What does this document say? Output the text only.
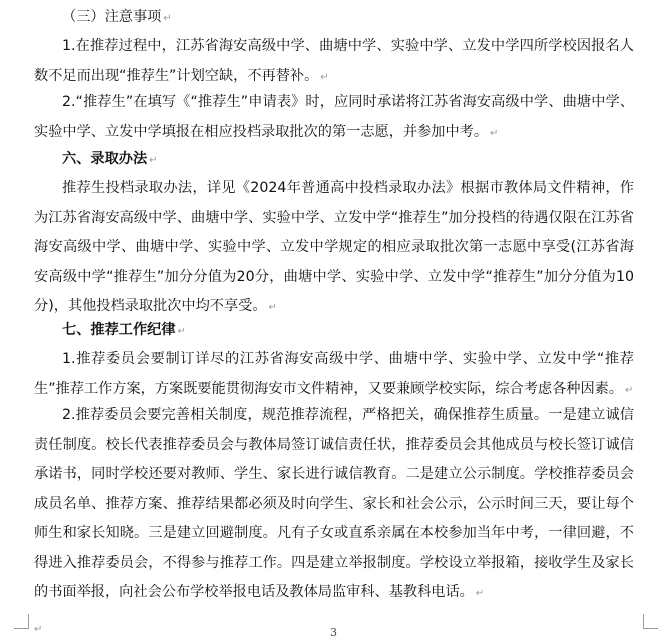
（三）注意事项 ↵

1.在推荐过程中，江苏省海安高级中学、曲塘中学、实验中学、立发中学四所学校因报名人数不足而出现“推荐生”计划空缺，不再替补。 ↵

2.“推荐生”在填写《“推荐生”申请表》时，应同时承诺将江苏省海安高级中学、曲塘中学、实验中学、立发中学填报在相应投档录取批次的第一志愿，并参加中考。 ↵

六、录取办法 ↵

推荐生投档录取办法，详见《2024年普通高中投档录取办法》根据市教体局文件精神，作为江苏省海安高级中学、曲塘中学、实验中学、立发中学“推荐生”加分投档的待遇仅限在江苏省海安高级中学、曲塘中学、实验中学、立发中学规定的相应录取批次第一志愿中享受(江苏省海安高级中学“推荐生”加分分值为20分，曲塘中学、实验中学、立发中学“推荐生”加分分值为10分)，其他投档录取批次中均不享受。 ↵

七、推荐工作纪律 ↵

1.推荐委员会要制订详尽的江苏省海安高级中学、曲塘中学、实验中学、立发中学“推荐生”推荐工作方案，方案既要能贯彻海安市文件精神，又要兼顾学校实际，综合考虑各种因素。 ↵

2.推荐委员会要完善相关制度，规范推荐流程，严格把关，确保推荐生质量。一是建立诚信责任制度。校长代表推荐委员会与教体局签订诚信责任状，推荐委员会其他成员与校长签订诚信承诺书，同时学校还要对教师、学生、家长进行诚信教育。二是建立公示制度。学校推荐委员会成员名单、推荐方案、推荐结果都必须及时向学生、家长和社会公示，公示时间三天，要让每个师生和家长知晓。三是建立回避制度。凡有子女或直系亲属在本校参加当年中考，一律回避，不得进入推荐委员会，不得参与推荐工作。四是建立举报制度。学校设立举报箱，接收学生及家长的书面举报，向社会公布学校举报电话及教体局监审科、基教科电话。 ↵

↵	3
